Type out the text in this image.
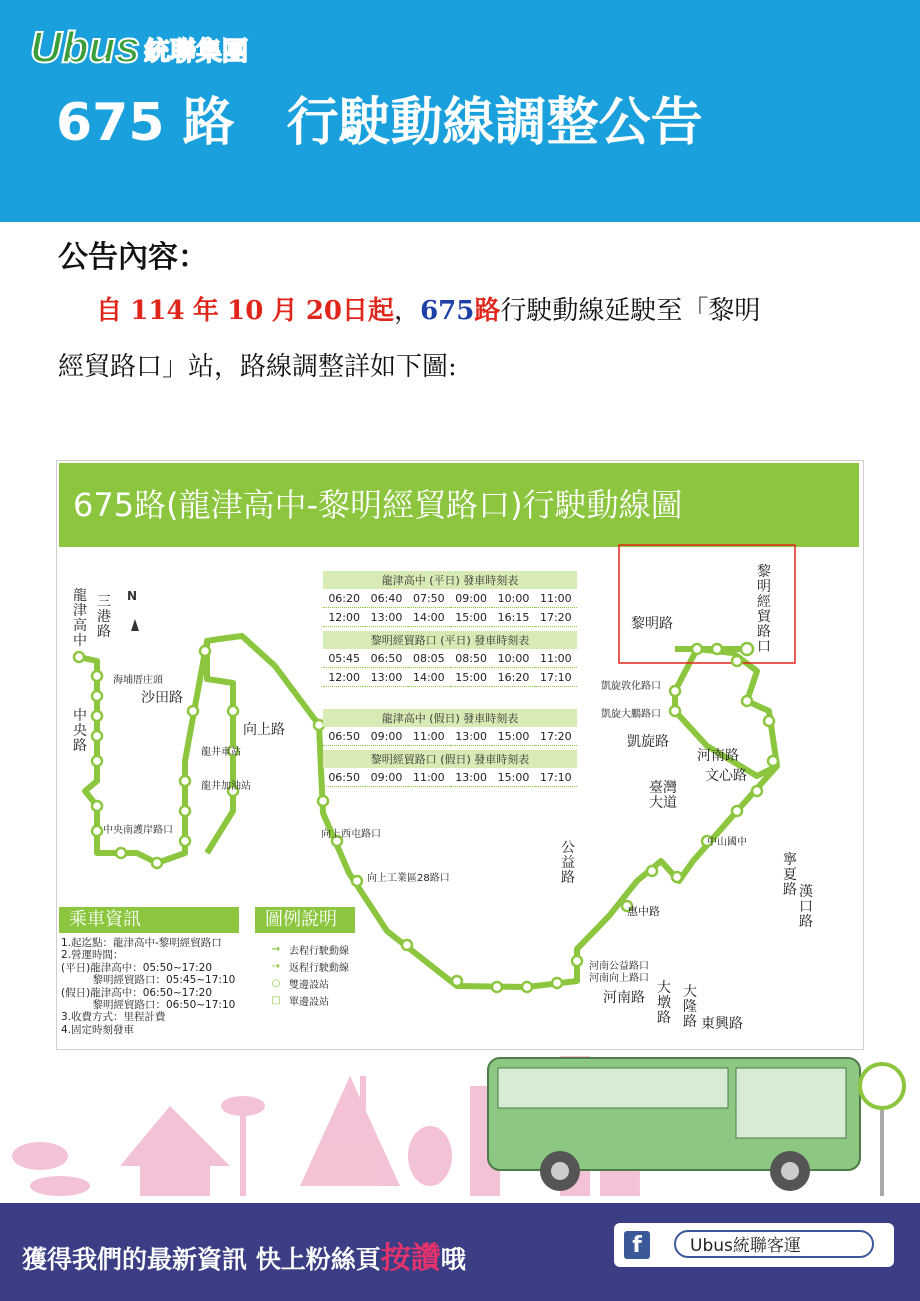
Ubus 統聯集團
675 路　行駛動線調整公告
公告內容：
自 114 年 10 月 20日起，675路行駛動線延駛至「黎明
經貿路口」站，路線調整詳如下圖:
675路(龍津高中-黎明經貿路口)行駛動線圖
N
龍津高中
三港路
中央路
沙田路
向上路
凱旋路
河南路
文心路
臺灣大道
公益路
寧夏路 漢口路
大墩路
大隆路 東興路
河南路
黎明路
黎明經貿路口
向上西屯路口
向上工業區28路口
凱旋敦化路口
凱旋大鵬路口
惠中路
河南公益路口
河南向上路口
中央南護岸路口
海埔厝庄頭
龍井車站
龍井加油站
中山國中
龍津高中 (平日) 發車時刻表					
06:20	06:40	07:50	09:00	10:00	11:00
12:00	13:00	14:00	15:00	16:15	17:20
黎明經貿路口 (平日) 發車時刻表					
05:45	06:50	08:05	08:50	10:00	11:00
12:00	13:00	14:00	15:00	16:20	17:10
龍津高中 (假日) 發車時刻表
06:50	09:00	11:00	13:00	15:00	17:20
黎明經貿路口 (假日) 發車時刻表
06:50	09:00	11:00	13:00	15:00	17:10
乘車資訊
1.起迄點：龍津高中-黎明經貿路口
2.營運時間：
(平日)龍津高中：05:50~17:20
　　　黎明經貿路口：05:45~17:10
(假日)龍津高中：06:50~17:20
　　　黎明經貿路口：06:50~17:10
3.收費方式：里程計費
4.固定時刻發車
圖例說明
→ 去程行駛動線
⇢ 返程行駛動線
○ 雙邊設站
□ 單邊設站
獲得我們的最新資訊 快上粉絲頁按讚哦	f	Ubus統聯客運
